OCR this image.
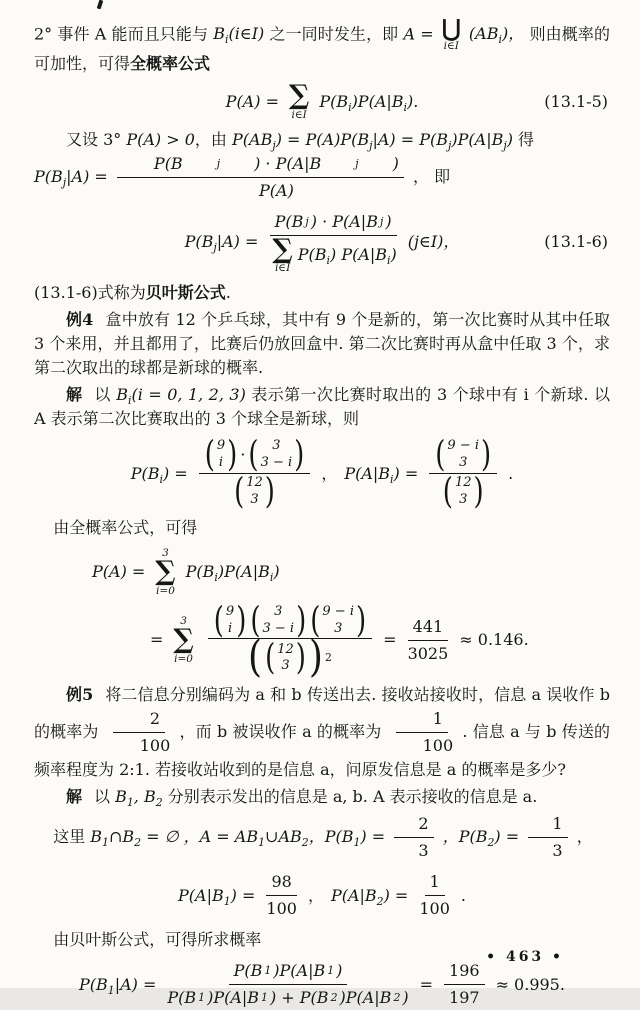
2° 事件 A 能而且只能与 $B_i(i\in I)$ 之一同时发生，即 A = ⋃
i∈I
$(AB_i)$， 则由概率的可加性，可得全概率公式

P(A) = ∑
i∈I
$P(B_i)P(A|B_i)$.	(13.1-5)

又设 3° P(A) > 0，由 $P(AB_j) = P(A)P(B_j|A) = P(B_j)P(A|B_j)$ 得
$P(B_j|A) = P(B$	j ) · P(A|B	j )
P(A) ， 即

$P(B_j|A) = P(B$ j ) · P(A|B j )
∑
i∈I
$P(B_i)$ $P(A|B_i)$ (j∈I)，	(13.1-6)

(13.1-6)式称为贝叶斯公式.

例4 盒中放有 12 个乒乓球，其中有 9 个是新的，第一次比赛时从其中任取 3 个来用，并且都用了，比赛后仍放回盒中. 第二次比赛时再从盒中任取 3 个，求第二次取出的球都是新球的概率.

解 以 $B_i(i = 0$, 1, 2, 3) 表示第一次比赛时取出的 3 个球中有 i 个新球. 以 A 表示第二次比赛取出的 3 个球全是新球，则

$P(B_i)$ = ( 9
i ) · ( 3
3 − i )
( 12
3 ) ， $P(A|B_i)$ = ( 9 − i
3 )
( 12
3 ) .

由全概率公式，可得

P(A) =
3
∑
i=0
$P(B_i)P(A|B_i)$
=
3
∑
i=0 ( 9
i ) ( 3
3 − i ) ( 9 − i
3 )
( ( 12
3 ) ) $2 = \frac{441}{3025} \approx 0.146$.

例5 将二信息分别编码为 a 和 b 传送出去. 接收站接收时，信息 a 误收作 b 的概率为 $\frac{2}{100}$ ，而 b 被误收作 a 的概率为 $\frac{1}{100}$ . 信息 a 与 b 传送的频率程度为 2:1. 若接收站收到的是信息 a，问原发信息是 a 的概率是多少?

解 以 $B_1$, $B_2$ 分别表示发出的信息是 a, b. A 表示接收的信息是 a.

这里 $B_1\cap B_2$ = ∅ ，$A = AB_1\cup AB_2$，$P(B_1) = \frac{2}{3}$ ，$P(B_2) = \frac{1}{3}$ ，

$P(A|B_1) = \frac{98}{100}$ ， $P(A|B_2) = \frac{1}{100}$ .

由贝叶斯公式，可得所求概率

$P(B_1|A) = \frac{P(B 1 )P(A|B 1 )}{P(B 1 )P(A|B 1 ) + P(B 2 )P(A|B 2 )} = \frac{196}{197} \approx 0.995$.
• 463 •
